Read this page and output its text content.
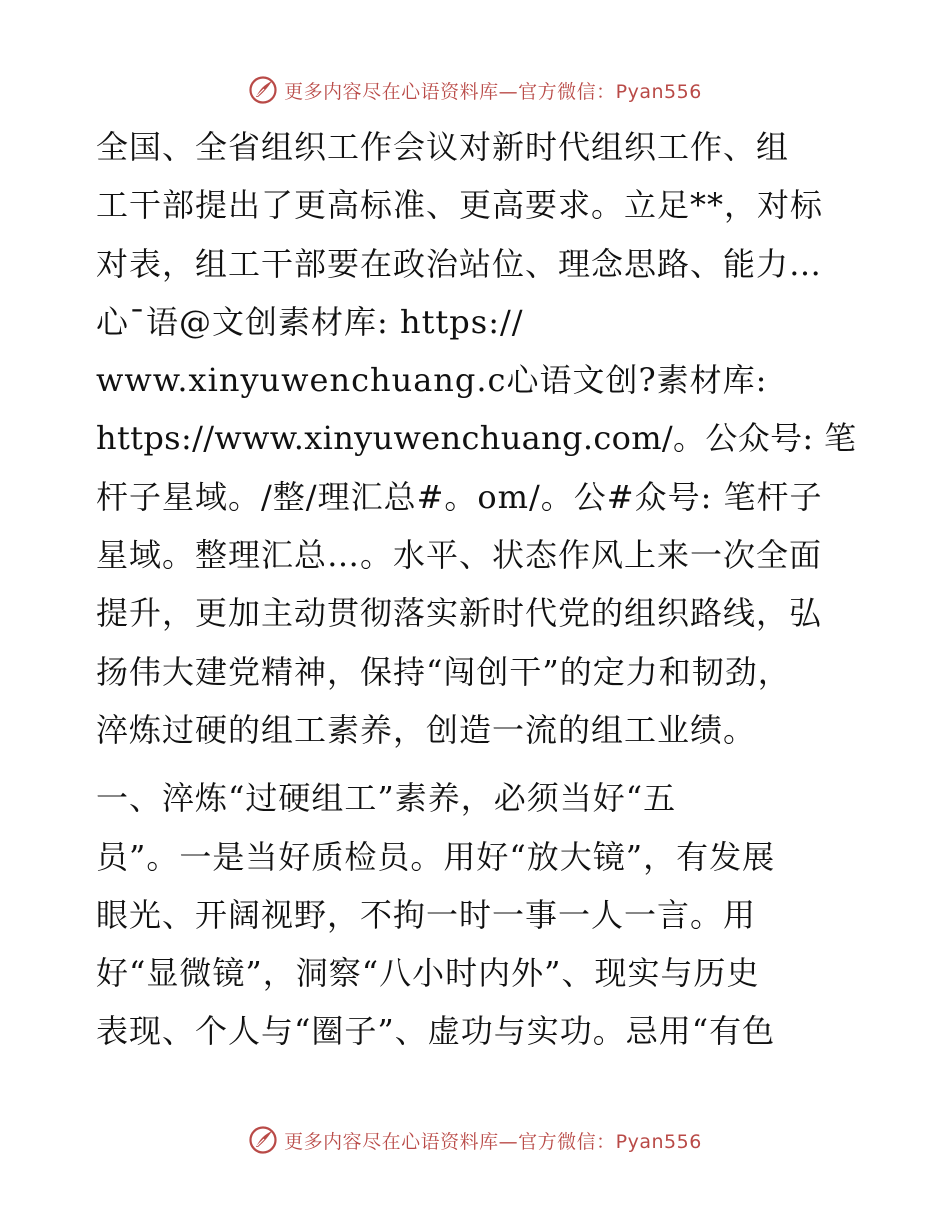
更多内容尽在心语资料库—官方微信：Pyan556

全国、全省组织工作会议对新时代组织工作、组
工干部提出了更高标准、更高要求。立足**，对标
对表，组工干部要在政治站位、理念思路、能力…
心¯语@文创素材库: https://
www.xinyuwenchuang.c心语文创?素材库:
https://www.xinyuwenchuang.com/。公众号: 笔
杆子星域。/整/理汇总#。om/。公#众号: 笔杆子
星域。整理汇总…。水平、状态作风上来一次全面
提升，更加主动贯彻落实新时代党的组织路线，弘
扬伟大建党精神，保持“闯创干”的定力和韧劲，
淬炼过硬的组工素养，创造一流的组工业绩。

一、淬炼“过硬组工”素养，必须当好“五
员”。一是当好质检员。用好“放大镜”，有发展
眼光、开阔视野，不拘一时一事一人一言。用
好“显微镜”，洞察“八小时内外”、现实与历史
表现、个人与“圈子”、虚功与实功。忌用“有色

更多内容尽在心语资料库—官方微信：Pyan556
